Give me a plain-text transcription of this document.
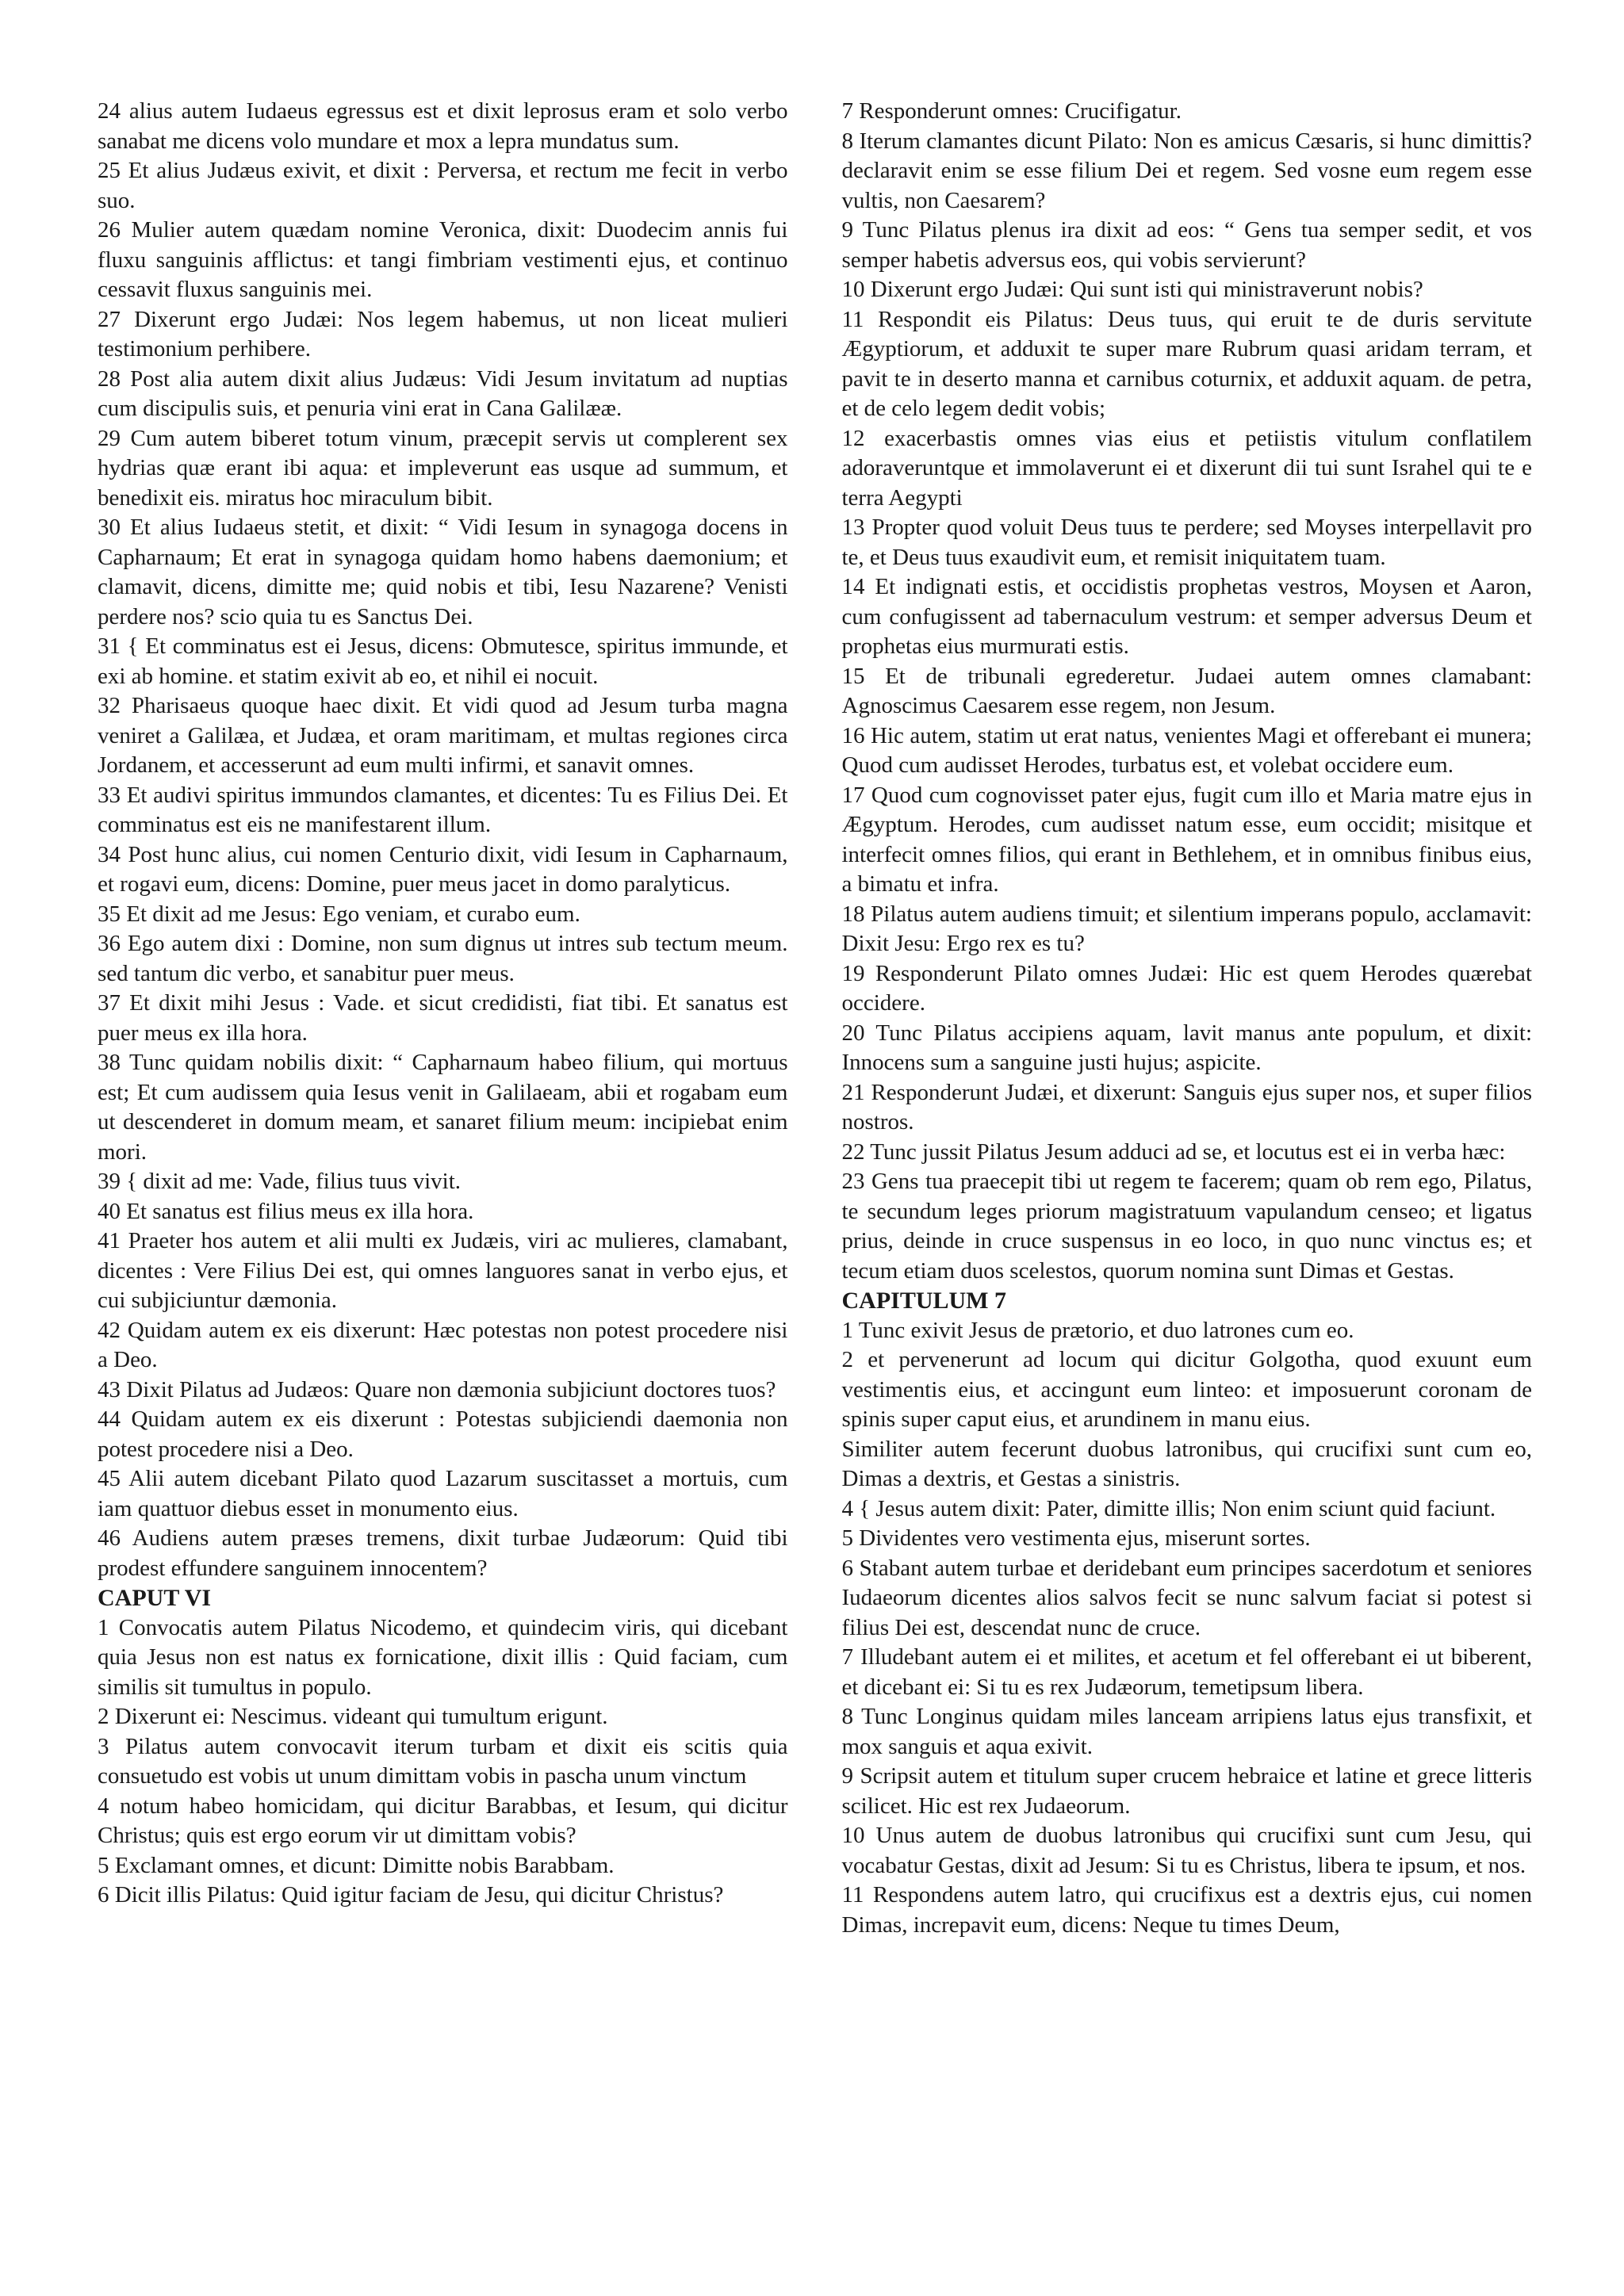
24 alius autem Iudaeus egressus est et dixit leprosus eram et solo verbo sanabat me dicens volo mundare et mox a lepra mundatus sum.

25 Et alius Judæus exivit, et dixit : Perversa, et rectum me fecit in verbo suo.

26 Mulier autem quædam nomine Veronica, dixit: Duodecim annis fui fluxu sanguinis afflictus: et tangi fimbriam vestimenti ejus, et continuo cessavit fluxus sanguinis mei.

27 Dixerunt ergo Judæi: Nos legem habemus, ut non liceat mulieri testimonium perhibere.

28 Post alia autem dixit alius Judæus: Vidi Jesum invitatum ad nuptias cum discipulis suis, et penuria vini erat in Cana Galilææ.

29 Cum autem biberet totum vinum, præcepit servis ut complerent sex hydrias quæ erant ibi aqua: et impleverunt eas usque ad summum, et benedixit eis. miratus hoc miraculum bibit.

30 Et alius Iudaeus stetit, et dixit: “ Vidi Iesum in synagoga docens in Capharnaum; Et erat in synagoga quidam homo habens daemonium; et clamavit, dicens, dimitte me; quid nobis et tibi, Iesu Nazarene? Venisti perdere nos? scio quia tu es Sanctus Dei.

31 { Et comminatus est ei Jesus, dicens: Obmutesce, spiritus immunde, et exi ab homine. et statim exivit ab eo, et nihil ei nocuit.

32 Pharisaeus quoque haec dixit. Et vidi quod ad Jesum turba magna veniret a Galilæa, et Judæa, et oram maritimam, et multas regiones circa Jordanem, et accesserunt ad eum multi infirmi, et sanavit omnes.

33 Et audivi spiritus immundos clamantes, et dicentes: Tu es Filius Dei. Et comminatus est eis ne manifestarent illum.

34 Post hunc alius, cui nomen Centurio dixit, vidi Iesum in Capharnaum, et rogavi eum, dicens: Domine, puer meus jacet in domo paralyticus.

35 Et dixit ad me Jesus: Ego veniam, et curabo eum.

36 Ego autem dixi : Domine, non sum dignus ut intres sub tectum meum. sed tantum dic verbo, et sanabitur puer meus.

37 Et dixit mihi Jesus : Vade. et sicut credidisti, fiat tibi. Et sanatus est puer meus ex illa hora.

38 Tunc quidam nobilis dixit: “ Capharnaum habeo filium, qui mortuus est; Et cum audissem quia Iesus venit in Galilaeam, abii et rogabam eum ut descenderet in domum meam, et sanaret filium meum: incipiebat enim mori.

39 { dixit ad me: Vade, filius tuus vivit.

40 Et sanatus est filius meus ex illa hora.

41 Praeter hos autem et alii multi ex Judæis, viri ac mulieres, clamabant, dicentes : Vere Filius Dei est, qui omnes languores sanat in verbo ejus, et cui subjiciuntur dæmonia.

42 Quidam autem ex eis dixerunt: Hæc potestas non potest procedere nisi a Deo.

43 Dixit Pilatus ad Judæos: Quare non dæmonia subjiciunt doctores tuos?

44 Quidam autem ex eis dixerunt : Potestas subjiciendi daemonia non potest procedere nisi a Deo.

45 Alii autem dicebant Pilato quod Lazarum suscitasset a mortuis, cum iam quattuor diebus esset in monumento eius.

46 Audiens autem præses tremens, dixit turbae Judæorum: Quid tibi prodest effundere sanguinem innocentem?

CAPUT VI

1 Convocatis autem Pilatus Nicodemo, et quindecim viris, qui dicebant quia Jesus non est natus ex fornicatione, dixit illis : Quid faciam, cum similis sit tumultus in populo.

2 Dixerunt ei: Nescimus. videant qui tumultum erigunt.

3 Pilatus autem convocavit iterum turbam et dixit eis scitis quia consuetudo est vobis ut unum dimittam vobis in pascha unum vinctum

4 notum habeo homicidam, qui dicitur Barabbas, et Iesum, qui dicitur Christus; quis est ergo eorum vir ut dimittam vobis?

5 Exclamant omnes, et dicunt: Dimitte nobis Barabbam.

6 Dicit illis Pilatus: Quid igitur faciam de Jesu, qui dicitur Christus?

7 Responderunt omnes: Crucifigatur.

8 Iterum clamantes dicunt Pilato: Non es amicus Cæsaris, si hunc dimittis? declaravit enim se esse filium Dei et regem. Sed vosne eum regem esse vultis, non Caesarem?

9 Tunc Pilatus plenus ira dixit ad eos: “ Gens tua semper sedit, et vos semper habetis adversus eos, qui vobis servierunt?

10 Dixerunt ergo Judæi: Qui sunt isti qui ministraverunt nobis?

11 Respondit eis Pilatus: Deus tuus, qui eruit te de duris servitute Ægyptiorum, et adduxit te super mare Rubrum quasi aridam terram, et pavit te in deserto manna et carnibus coturnix, et adduxit aquam. de petra, et de celo legem dedit vobis;

12 exacerbastis omnes vias eius et petiistis vitulum conflatilem adoraveruntque et immolaverunt ei et dixerunt dii tui sunt Israhel qui te e terra Aegypti

13 Propter quod voluit Deus tuus te perdere; sed Moyses interpellavit pro te, et Deus tuus exaudivit eum, et remisit iniquitatem tuam.

14 Et indignati estis, et occidistis prophetas vestros, Moysen et Aaron, cum confugissent ad tabernaculum vestrum: et semper adversus Deum et prophetas eius murmurati estis.

15 Et de tribunali egrederetur. Judaei autem omnes clamabant: Agnoscimus Caesarem esse regem, non Jesum.

16 Hic autem, statim ut erat natus, venientes Magi et offerebant ei munera; Quod cum audisset Herodes, turbatus est, et volebat occidere eum.

17 Quod cum cognovisset pater ejus, fugit cum illo et Maria matre ejus in Ægyptum. Herodes, cum audisset natum esse, eum occidit; misitque et interfecit omnes filios, qui erant in Bethlehem, et in omnibus finibus eius, a bimatu et infra.

18 Pilatus autem audiens timuit; et silentium imperans populo, acclamavit: Dixit Jesu: Ergo rex es tu?

19 Responderunt Pilato omnes Judæi: Hic est quem Herodes quærebat occidere.

20 Tunc Pilatus accipiens aquam, lavit manus ante populum, et dixit: Innocens sum a sanguine justi hujus; aspicite.

21 Responderunt Judæi, et dixerunt: Sanguis ejus super nos, et super filios nostros.

22 Tunc jussit Pilatus Jesum adduci ad se, et locutus est ei in verba hæc:

23 Gens tua praecepit tibi ut regem te facerem; quam ob rem ego, Pilatus, te secundum leges priorum magistratuum vapulandum censeo; et ligatus prius, deinde in cruce suspensus in eo loco, in quo nunc vinctus es; et tecum etiam duos scelestos, quorum nomina sunt Dimas et Gestas.

CAPITULUM 7

1 Tunc exivit Jesus de prætorio, et duo latrones cum eo.

2 et pervenerunt ad locum qui dicitur Golgotha, quod exuunt eum vestimentis eius, et accingunt eum linteo: et imposuerunt coronam de spinis super caput eius, et arundinem in manu eius.

Similiter autem fecerunt duobus latronibus, qui crucifixi sunt cum eo, Dimas a dextris, et Gestas a sinistris.

4 { Jesus autem dixit: Pater, dimitte illis; Non enim sciunt quid faciunt.

5 Dividentes vero vestimenta ejus, miserunt sortes.

6 Stabant autem turbae et deridebant eum principes sacerdotum et seniores Iudaeorum dicentes alios salvos fecit se nunc salvum faciat si potest si filius Dei est, descendat nunc de cruce.

7 Illudebant autem ei et milites, et acetum et fel offerebant ei ut biberent, et dicebant ei: Si tu es rex Judæorum, temetipsum libera.

8 Tunc Longinus quidam miles lanceam arripiens latus ejus transfixit, et mox sanguis et aqua exivit.

9 Scripsit autem et titulum super crucem hebraice et latine et grece litteris scilicet. Hic est rex Judaeorum.

10 Unus autem de duobus latronibus qui crucifixi sunt cum Jesu, qui vocabatur Gestas, dixit ad Jesum: Si tu es Christus, libera te ipsum, et nos.

11 Respondens autem latro, qui crucifixus est a dextris ejus, cui nomen Dimas, increpavit eum, dicens: Neque tu times Deum,
